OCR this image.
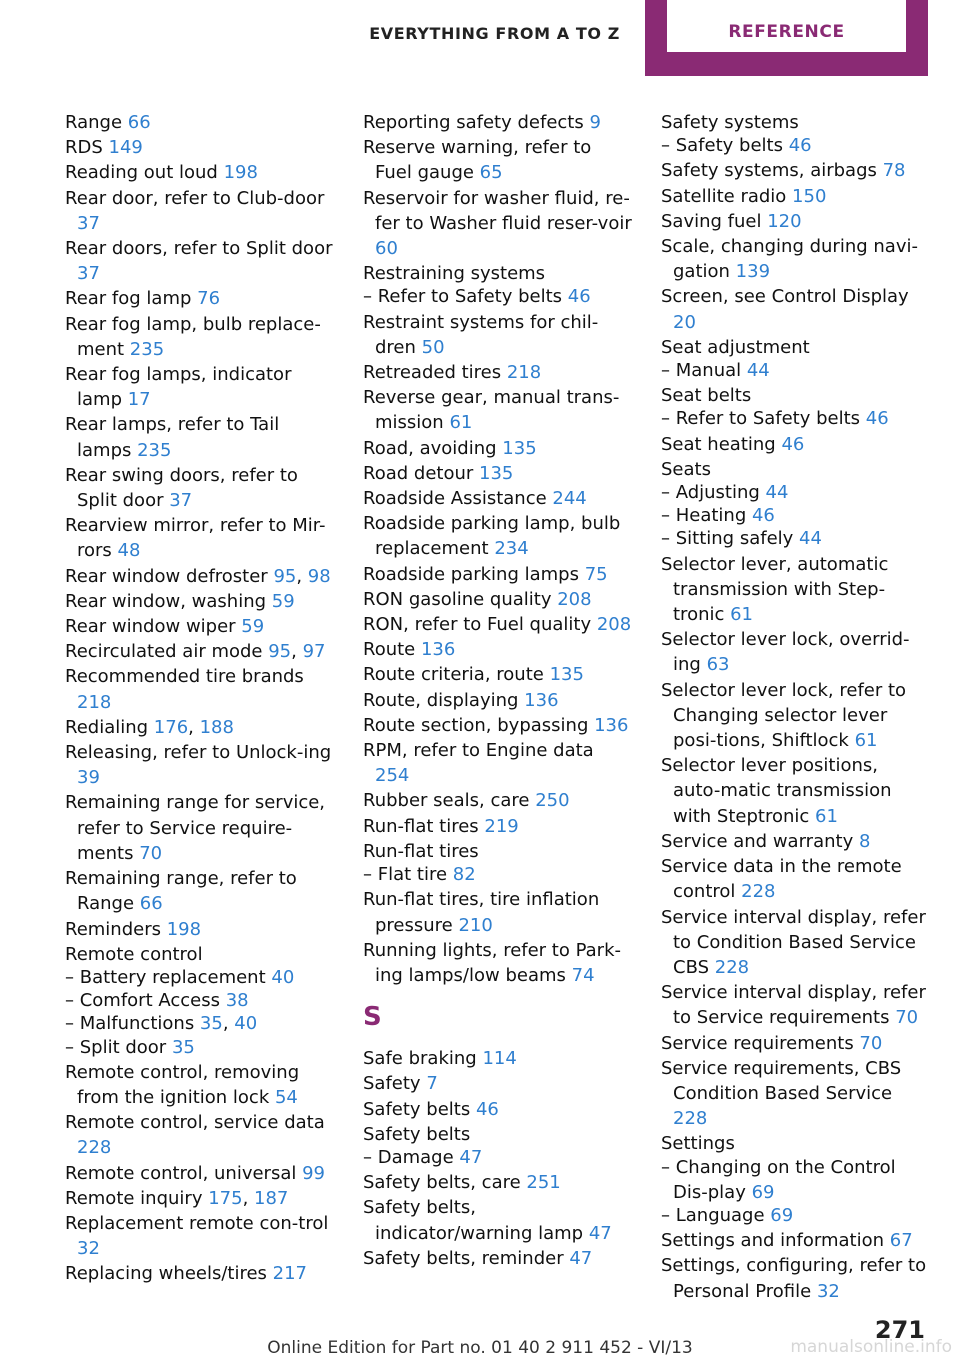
EVERYTHING FROM A TO Z	REFERENCE
Range 66
RDS 149
Reading out loud 198
Rear door, refer to Club-door 37
Rear doors, refer to Split door 37
Rear fog lamp 76
Rear fog lamp, bulb replace-ment 235
Rear fog lamps, indicator lamp 17
Rear lamps, refer to Tail lamps 235
Rear swing doors, refer to Split door 37
Rearview mirror, refer to Mir-rors 48
Rear window defroster 95, 98
Rear window, washing 59
Rear window wiper 59
Recirculated air mode 95, 97
Recommended tire brands 218
Redialing 176, 188
Releasing, refer to Unlock-ing 39
Remaining range for service, refer to Service require-ments 70
Remaining range, refer to Range 66
Reminders 198
Remote control
– Battery replacement 40
– Comfort Access 38
– Malfunctions 35, 40
– Split door 35
Remote control, removing from the ignition lock 54
Remote control, service data 228
Remote control, universal 99
Remote inquiry 175, 187
Replacement remote con-trol 32
Replacing wheels/tires 217
Reporting safety defects 9
Reserve warning, refer to Fuel gauge 65
Reservoir for washer fluid, re-fer to Washer fluid reser-voir 60
Restraining systems
– Refer to Safety belts 46
Restraint systems for chil-dren 50
Retreaded tires 218
Reverse gear, manual trans-mission 61
Road, avoiding 135
Road detour 135
Roadside Assistance 244
Roadside parking lamp, bulb replacement 234
Roadside parking lamps 75
RON gasoline quality 208
RON, refer to Fuel quality 208
Route 136
Route criteria, route 135
Route, displaying 136
Route section, bypassing 136
RPM, refer to Engine data 254
Rubber seals, care 250
Run-flat tires 219
Run-flat tires
– Flat tire 82
Run-flat tires, tire inflation pressure 210
Running lights, refer to Park-ing lamps/low beams 74
S
Safe braking 114
Safety 7
Safety belts 46
Safety belts
– Damage 47
Safety belts, care 251
Safety belts, indicator/warning lamp 47
Safety belts, reminder 47
Safety systems
– Safety belts 46
Safety systems, airbags 78
Satellite radio 150
Saving fuel 120
Scale, changing during navi-gation 139
Screen, see Control Display 20
Seat adjustment
– Manual 44
Seat belts
– Refer to Safety belts 46
Seat heating 46
Seats
– Adjusting 44
– Heating 46
– Sitting safely 44
Selector lever, automatic transmission with Step-tronic 61
Selector lever lock, overrid-ing 63
Selector lever lock, refer to Changing selector lever posi-tions, Shiftlock 61
Selector lever positions, auto-matic transmission with Steptronic 61
Service and warranty 8
Service data in the remote control 228
Service interval display, refer to Condition Based Service CBS 228
Service interval display, refer to Service requirements 70
Service requirements 70
Service requirements, CBS Condition Based Service 228
Settings
– Changing on the Control Dis-play 69
– Language 69
Settings and information 67
Settings, configuring, refer to Personal Profile 32
271
Online Edition for Part no. 01 40 2 911 452 - VI/13	manualsonline.info
